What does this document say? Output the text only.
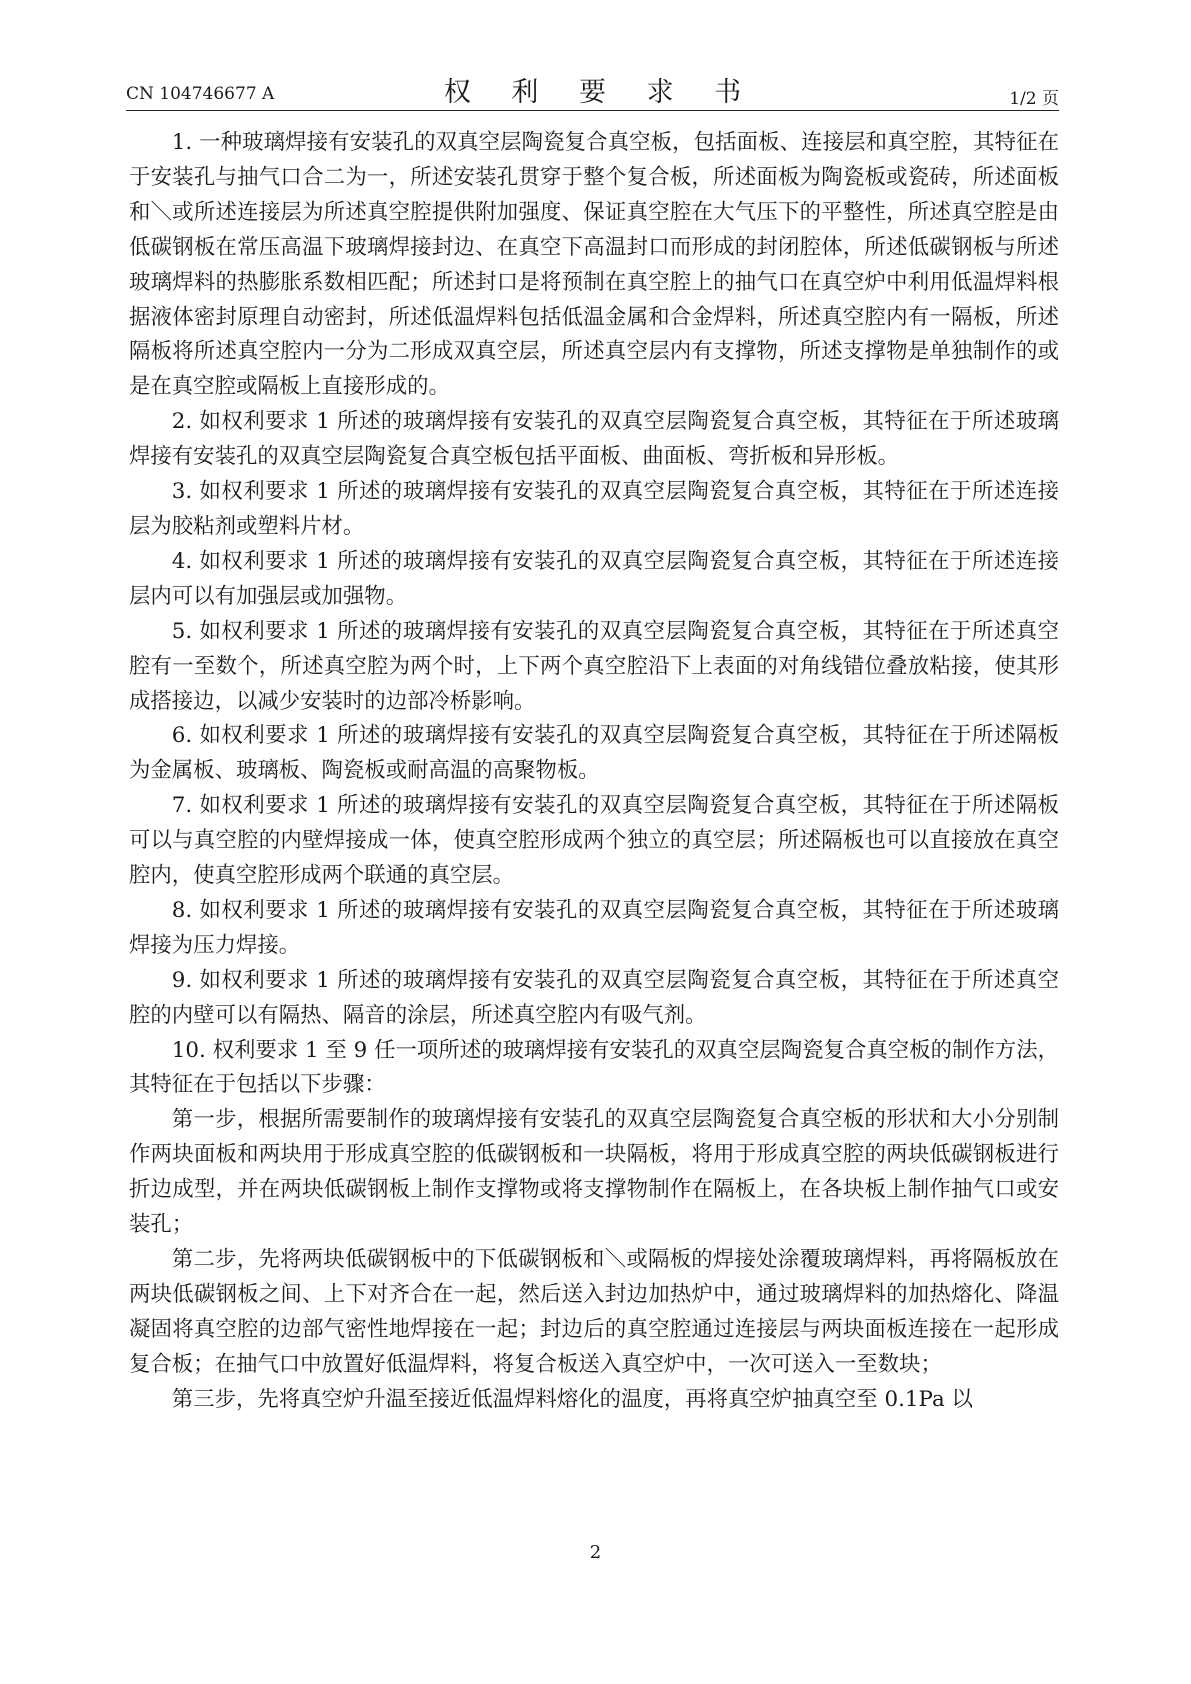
CN 104746677 A	权 利 要 求 书	1/2 页

1. 一种玻璃焊接有安装孔的双真空层陶瓷复合真空板，包括面板、连接层和真空腔，其特征在于安装孔与抽气口合二为一，所述安装孔贯穿于整个复合板，所述面板为陶瓷板或瓷砖，所述面板和＼或所述连接层为所述真空腔提供附加强度、保证真空腔在大气压下的平整性，所述真空腔是由低碳钢板在常压高温下玻璃焊接封边、在真空下高温封口而形成的封闭腔体，所述低碳钢板与所述玻璃焊料的热膨胀系数相匹配；所述封口是将预制在真空腔上的抽气口在真空炉中利用低温焊料根据液体密封原理自动密封，所述低温焊料包括低温金属和合金焊料，所述真空腔内有一隔板，所述隔板将所述真空腔内一分为二形成双真空层，所述真空层内有支撑物，所述支撑物是单独制作的或是在真空腔或隔板上直接形成的。

2. 如权利要求 1 所述的玻璃焊接有安装孔的双真空层陶瓷复合真空板，其特征在于所述玻璃焊接有安装孔的双真空层陶瓷复合真空板包括平面板、曲面板、弯折板和异形板。

3. 如权利要求 1 所述的玻璃焊接有安装孔的双真空层陶瓷复合真空板，其特征在于所述连接层为胶粘剂或塑料片材。

4. 如权利要求 1 所述的玻璃焊接有安装孔的双真空层陶瓷复合真空板，其特征在于所述连接层内可以有加强层或加强物。

5. 如权利要求 1 所述的玻璃焊接有安装孔的双真空层陶瓷复合真空板，其特征在于所述真空腔有一至数个，所述真空腔为两个时，上下两个真空腔沿下上表面的对角线错位叠放粘接，使其形成搭接边，以减少安装时的边部冷桥影响。

6. 如权利要求 1 所述的玻璃焊接有安装孔的双真空层陶瓷复合真空板，其特征在于所述隔板为金属板、玻璃板、陶瓷板或耐高温的高聚物板。

7. 如权利要求 1 所述的玻璃焊接有安装孔的双真空层陶瓷复合真空板，其特征在于所述隔板可以与真空腔的内壁焊接成一体，使真空腔形成两个独立的真空层；所述隔板也可以直接放在真空腔内，使真空腔形成两个联通的真空层。

8. 如权利要求 1 所述的玻璃焊接有安装孔的双真空层陶瓷复合真空板，其特征在于所述玻璃焊接为压力焊接。

9. 如权利要求 1 所述的玻璃焊接有安装孔的双真空层陶瓷复合真空板，其特征在于所述真空腔的内壁可以有隔热、隔音的涂层，所述真空腔内有吸气剂。

10. 权利要求 1 至 9 任一项所述的玻璃焊接有安装孔的双真空层陶瓷复合真空板的制作方法，其特征在于包括以下步骤：

第一步，根据所需要制作的玻璃焊接有安装孔的双真空层陶瓷复合真空板的形状和大小分别制作两块面板和两块用于形成真空腔的低碳钢板和一块隔板，将用于形成真空腔的两块低碳钢板进行折边成型，并在两块低碳钢板上制作支撑物或将支撑物制作在隔板上，在各块板上制作抽气口或安装孔；

第二步，先将两块低碳钢板中的下低碳钢板和＼或隔板的焊接处涂覆玻璃焊料，再将隔板放在两块低碳钢板之间、上下对齐合在一起，然后送入封边加热炉中，通过玻璃焊料的加热熔化、降温凝固将真空腔的边部气密性地焊接在一起；封边后的真空腔通过连接层与两块面板连接在一起形成复合板；在抽气口中放置好低温焊料，将复合板送入真空炉中，一次可送入一至数块；

第三步，先将真空炉升温至接近低温焊料熔化的温度，再将真空炉抽真空至 0.1Pa 以

2
